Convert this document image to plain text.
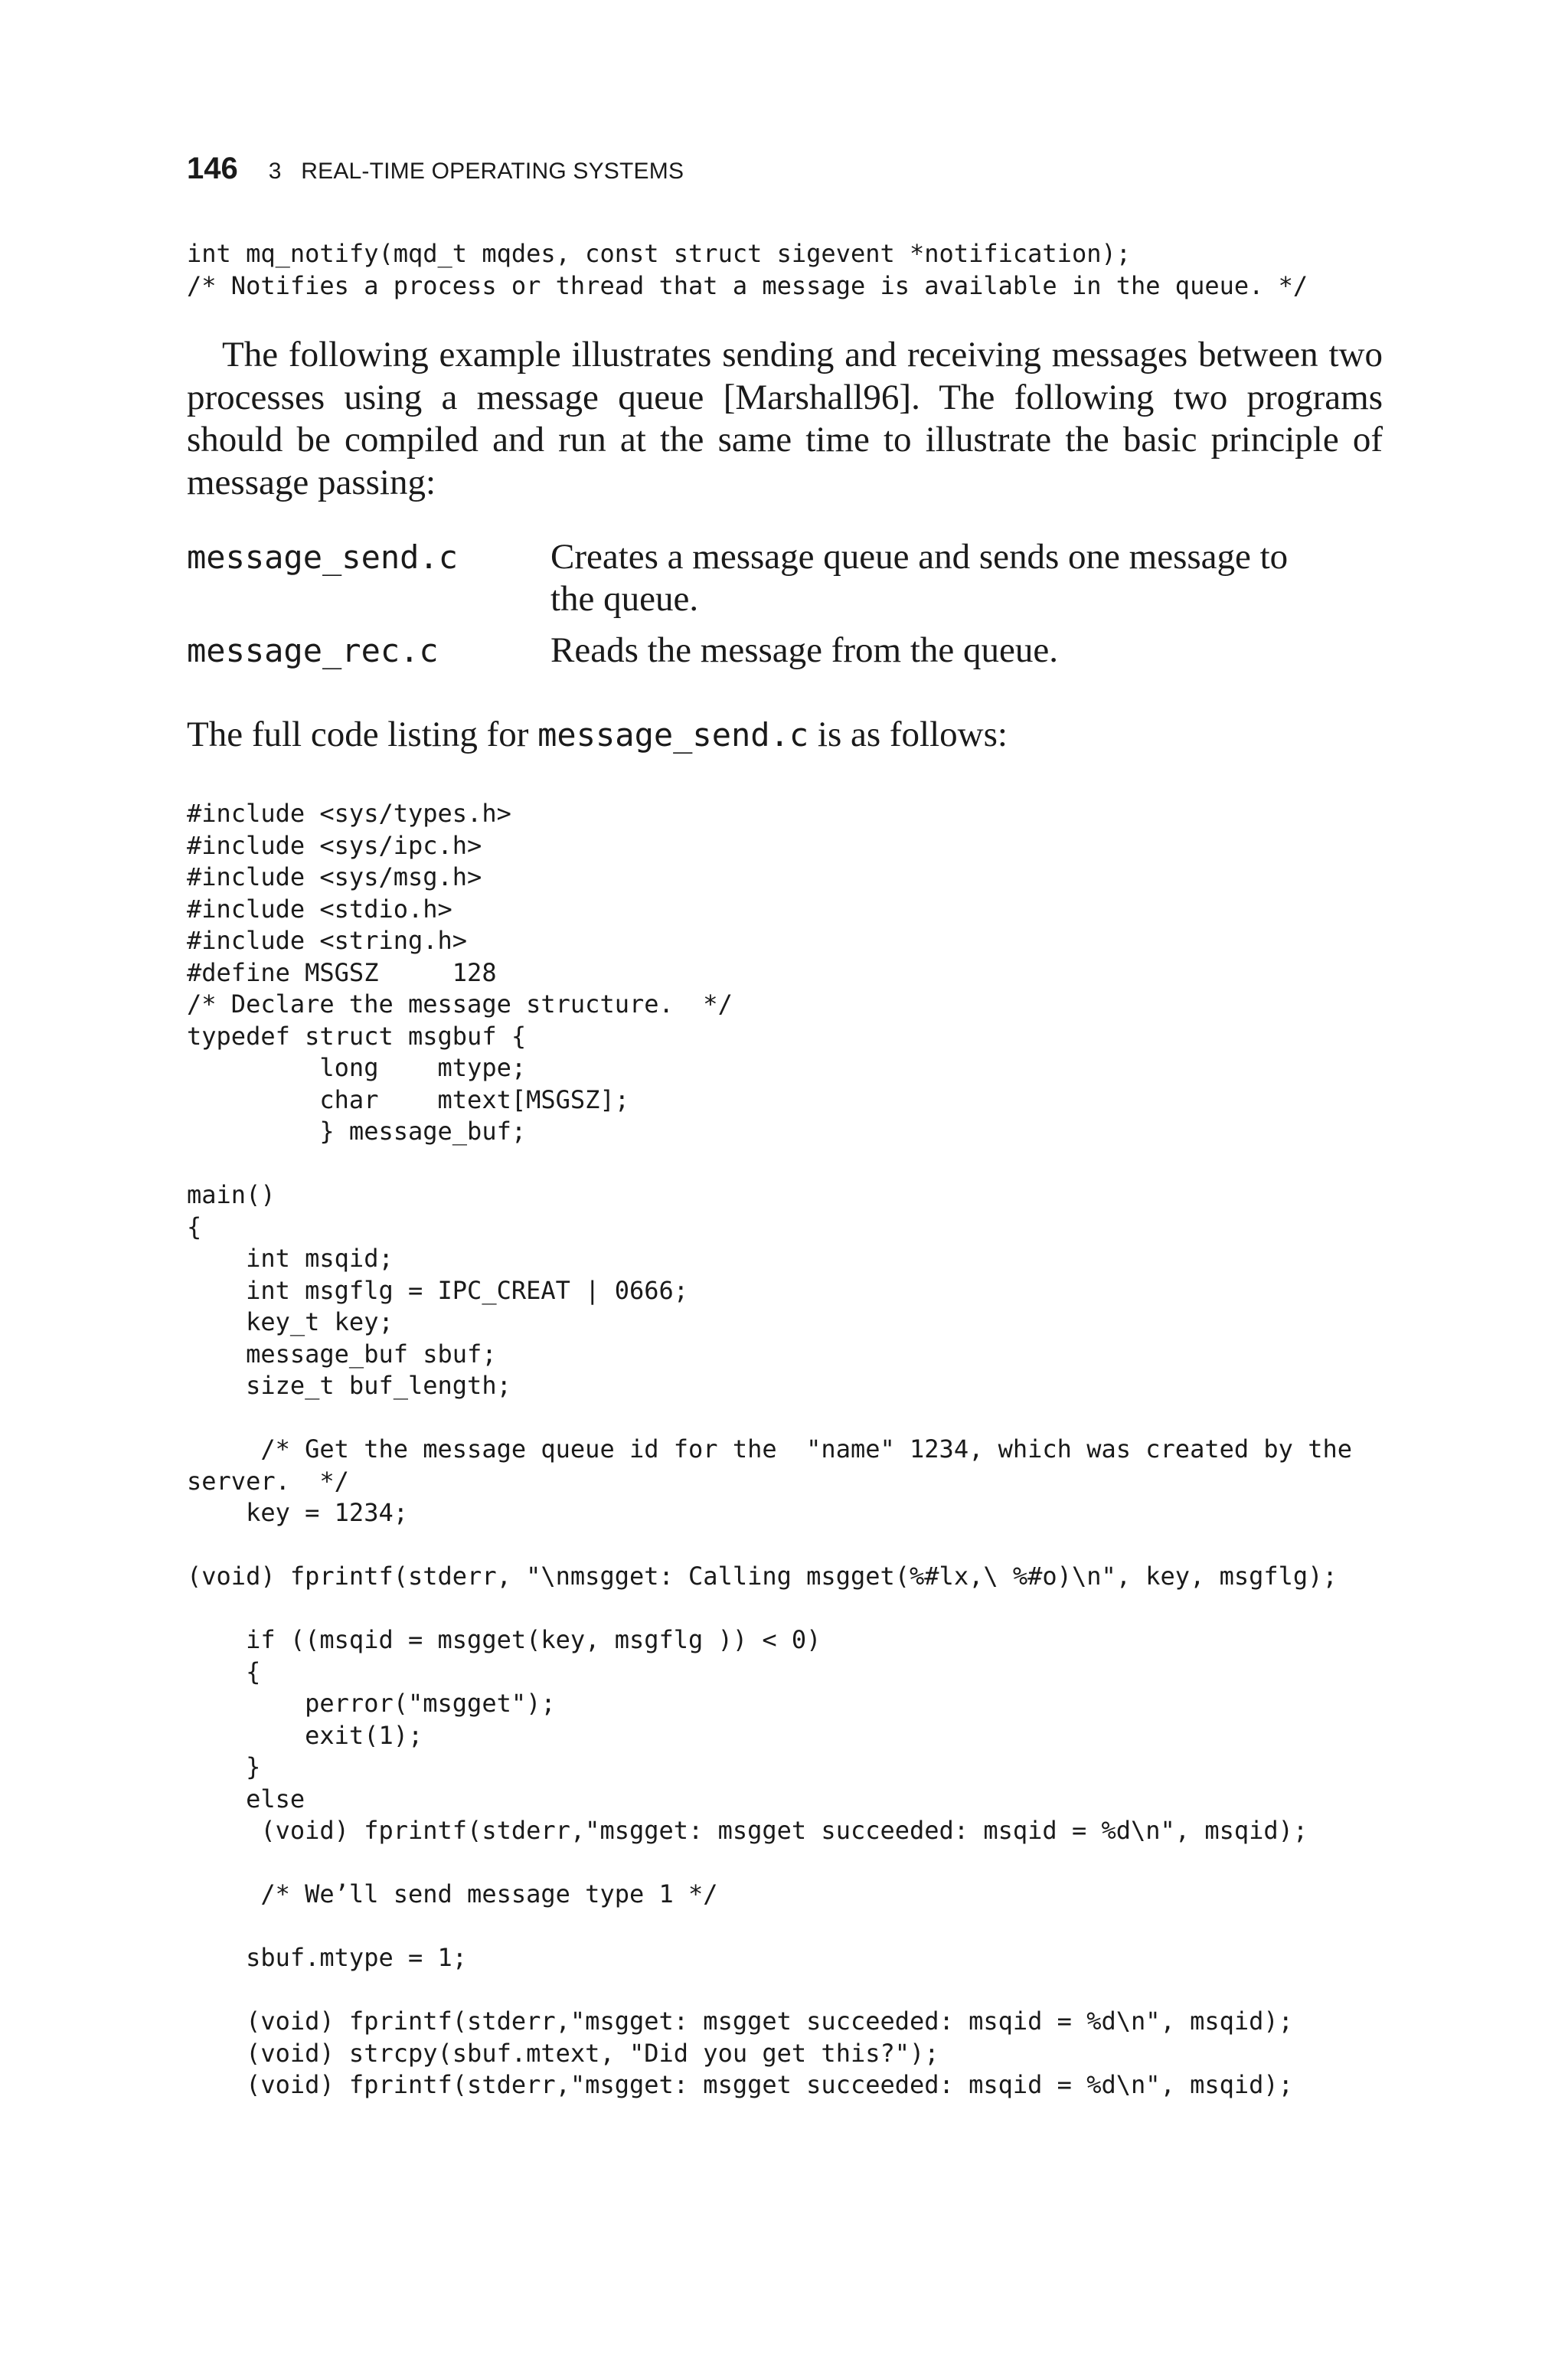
146 3   REAL-TIME OPERATING SYSTEMS
int mq_notify(mqd_t mqdes, const struct sigevent *notification);
/* Notifies a process or thread that a message is available in the queue. */

The following example illustrates sending and receiving messages between two processes using a message queue [Marshall96]. The following two programs should be compiled and run at the same time to illustrate the basic principle of message passing:

message_send.c	Creates a message queue and sends one message to the queue.
message_rec.c	Reads the message from the queue.

The full code listing for message_send.c is as follows:

#include <sys/types.h>
#include <sys/ipc.h>
#include <sys/msg.h>
#include <stdio.h>
#include <string.h>
#define MSGSZ     128
/* Declare the message structure.  */
typedef struct msgbuf {
long    mtype;
char    mtext[MSGSZ];
} message_buf;

main()
{
int msqid;
int msgflg = IPC_CREAT | 0666;
key_t key;
message_buf sbuf;
size_t buf_length;

/* Get the message queue id for the  "name" 1234, which was created by the
server.  */
key = 1234;

(void) fprintf(stderr, "\nmsgget: Calling msgget(%#lx,\ %#o)\n", key, msgflg);

if ((msqid = msgget(key, msgflg )) < 0)
{
perror("msgget");
exit(1);
}
else
(void) fprintf(stderr,"msgget: msgget succeeded: msqid = %d\n", msqid);

/* We’ll send message type 1 */

sbuf.mtype = 1;

(void) fprintf(stderr,"msgget: msgget succeeded: msqid = %d\n", msqid);
(void) strcpy(sbuf.mtext, "Did you get this?");
(void) fprintf(stderr,"msgget: msgget succeeded: msqid = %d\n", msqid);
